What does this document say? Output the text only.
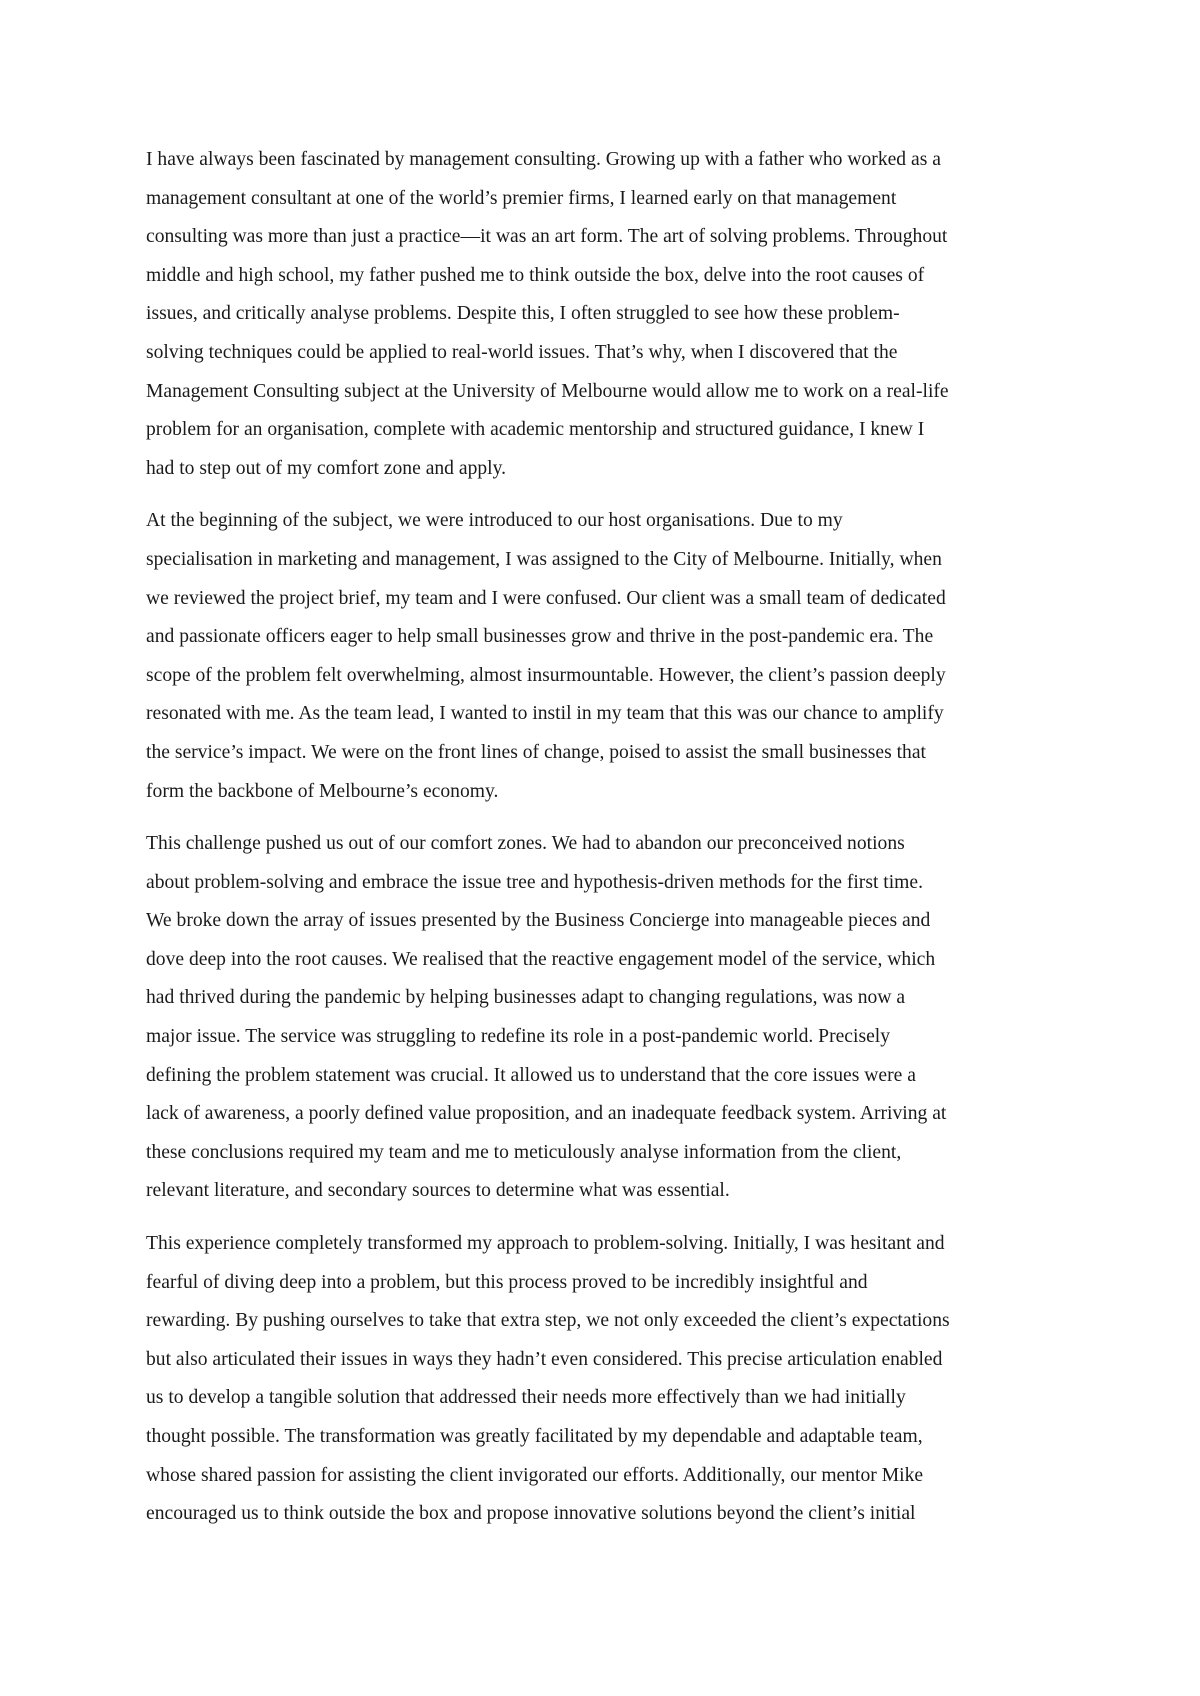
I have always been fascinated by management consulting. Growing up with a father who worked as a
management consultant at one of the world’s premier firms, I learned early on that management
consulting was more than just a practice—it was an art form. The art of solving problems. Throughout
middle and high school, my father pushed me to think outside the box, delve into the root causes of
issues, and critically analyse problems. Despite this, I often struggled to see how these problem-
solving techniques could be applied to real-world issues. That’s why, when I discovered that the
Management Consulting subject at the University of Melbourne would allow me to work on a real-life
problem for an organisation, complete with academic mentorship and structured guidance, I knew I
had to step out of my comfort zone and apply.

At the beginning of the subject, we were introduced to our host organisations. Due to my
specialisation in marketing and management, I was assigned to the City of Melbourne. Initially, when
we reviewed the project brief, my team and I were confused. Our client was a small team of dedicated
and passionate officers eager to help small businesses grow and thrive in the post-pandemic era. The
scope of the problem felt overwhelming, almost insurmountable. However, the client’s passion deeply
resonated with me. As the team lead, I wanted to instil in my team that this was our chance to amplify
the service’s impact. We were on the front lines of change, poised to assist the small businesses that
form the backbone of Melbourne’s economy.

This challenge pushed us out of our comfort zones. We had to abandon our preconceived notions
about problem-solving and embrace the issue tree and hypothesis-driven methods for the first time.
We broke down the array of issues presented by the Business Concierge into manageable pieces and
dove deep into the root causes. We realised that the reactive engagement model of the service, which
had thrived during the pandemic by helping businesses adapt to changing regulations, was now a
major issue. The service was struggling to redefine its role in a post-pandemic world. Precisely
defining the problem statement was crucial. It allowed us to understand that the core issues were a
lack of awareness, a poorly defined value proposition, and an inadequate feedback system. Arriving at
these conclusions required my team and me to meticulously analyse information from the client,
relevant literature, and secondary sources to determine what was essential.

This experience completely transformed my approach to problem-solving. Initially, I was hesitant and
fearful of diving deep into a problem, but this process proved to be incredibly insightful and
rewarding. By pushing ourselves to take that extra step, we not only exceeded the client’s expectations
but also articulated their issues in ways they hadn’t even considered. This precise articulation enabled
us to develop a tangible solution that addressed their needs more effectively than we had initially
thought possible. The transformation was greatly facilitated by my dependable and adaptable team,
whose shared passion for assisting the client invigorated our efforts. Additionally, our mentor Mike
encouraged us to think outside the box and propose innovative solutions beyond the client’s initial
